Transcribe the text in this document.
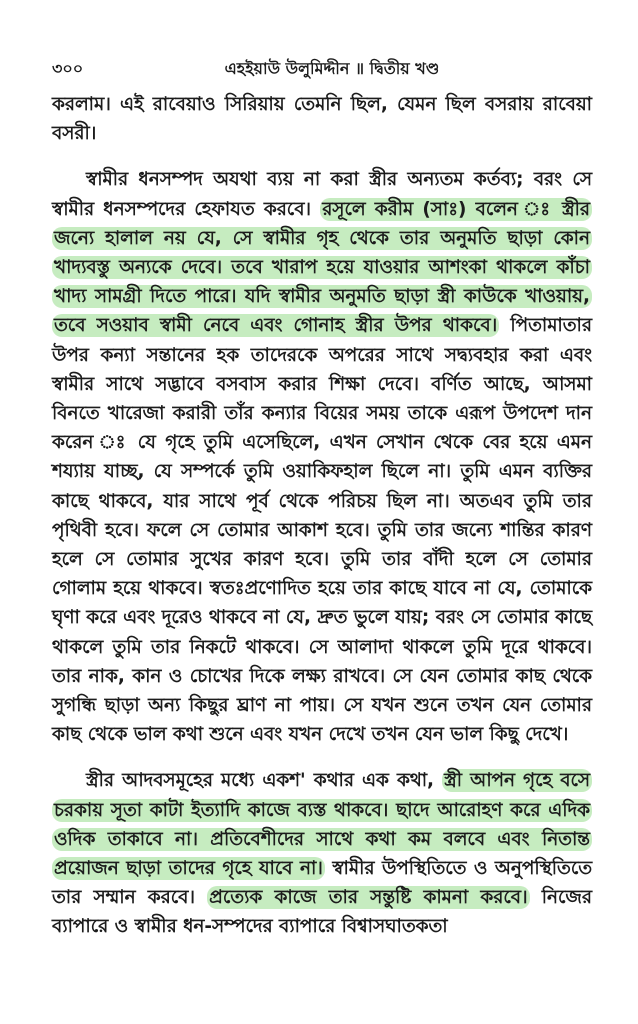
৩০০	এহইয়াউ উলুমিদ্দীন ॥ দ্বিতীয় খণ্ড

করলাম। এই রাবেয়াও সিরিয়ায় তেমনি ছিল, যেমন ছিল বসরায় রাবেয়া বসরী।

স্বামীর ধনসম্পদ অযথা ব্যয় না করা স্ত্রীর অন্যতম কর্তব্য; বরং সে স্বামীর ধনসম্পদের হেফাযত করবে। রসূলে করীম (সাঃ) বলেন ঃ স্ত্রীর জন্যে হালাল নয় যে, সে স্বামীর গৃহ থেকে তার অনুমতি ছাড়া কোন খাদ্যবস্তু অন্যকে দেবে। তবে খারাপ হয়ে যাওয়ার আশংকা থাকলে কাঁচা খাদ্য সামগ্রী দিতে পারে। যদি স্বামীর অনুমতি ছাড়া স্ত্রী কাউকে খাওয়ায়, তবে সওয়াব স্বামী নেবে এবং গোনাহ স্ত্রীর উপর থাকবে। পিতামাতার উপর কন্যা সন্তানের হক তাদেরকে অপরের সাথে সদ্ব্যবহার করা এবং স্বামীর সাথে সদ্ভাবে বসবাস করার শিক্ষা দেবে। বর্ণিত আছে, আসমা বিনতে খারেজা করারী তাঁর কন্যার বিয়ের সময় তাকে এরূপ উপদেশ দান করেন ঃ যে গৃহে তুমি এসেছিলে, এখন সেখান থেকে বের হয়ে এমন শয্যায় যাচ্ছ, যে সম্পর্কে তুমি ওয়াকিফহাল ছিলে না। তুমি এমন ব্যক্তির কাছে থাকবে, যার সাথে পূর্ব থেকে পরিচয় ছিল না। অতএব তুমি তার পৃথিবী হবে। ফলে সে তোমার আকাশ হবে। তুমি তার জন্যে শান্তির কারণ হলে সে তোমার সুখের কারণ হবে। তুমি তার বাঁদী হলে সে তোমার গোলাম হয়ে থাকবে। স্বতঃপ্রণোদিত হয়ে তার কাছে যাবে না যে, তোমাকে ঘৃণা করে এবং দূরেও থাকবে না যে, দ্রুত ভুলে যায়; বরং সে তোমার কাছে থাকলে তুমি তার নিকটে থাকবে। সে আলাদা থাকলে তুমি দূরে থাকবে। তার নাক, কান ও চোখের দিকে লক্ষ্য রাখবে। সে যেন তোমার কাছ থেকে সুগন্ধি ছাড়া অন্য কিছুর ঘ্রাণ না পায়। সে যখন শুনে তখন যেন তোমার কাছ থেকে ভাল কথা শুনে এবং যখন দেখে তখন যেন ভাল কিছু দেখে।

স্ত্রীর আদবসমূহের মধ্যে একশ' কথার এক কথা, স্ত্রী আপন গৃহে বসে চরকায় সূতা কাটা ইত্যাদি কাজে ব্যস্ত থাকবে। ছাদে আরোহণ করে এদিক ওদিক তাকাবে না। প্রতিবেশীদের সাথে কথা কম বলবে এবং নিতান্ত প্রয়োজন ছাড়া তাদের গৃহে যাবে না। স্বামীর উপস্থিতিতে ও অনুপস্থিতিতে তার সম্মান করবে। প্রত্যেক কাজে তার সন্তুষ্টি কামনা করবে। নিজের ব্যাপারে ও স্বামীর ধন-সম্পদের ব্যাপারে বিশ্বাসঘাতকতা
